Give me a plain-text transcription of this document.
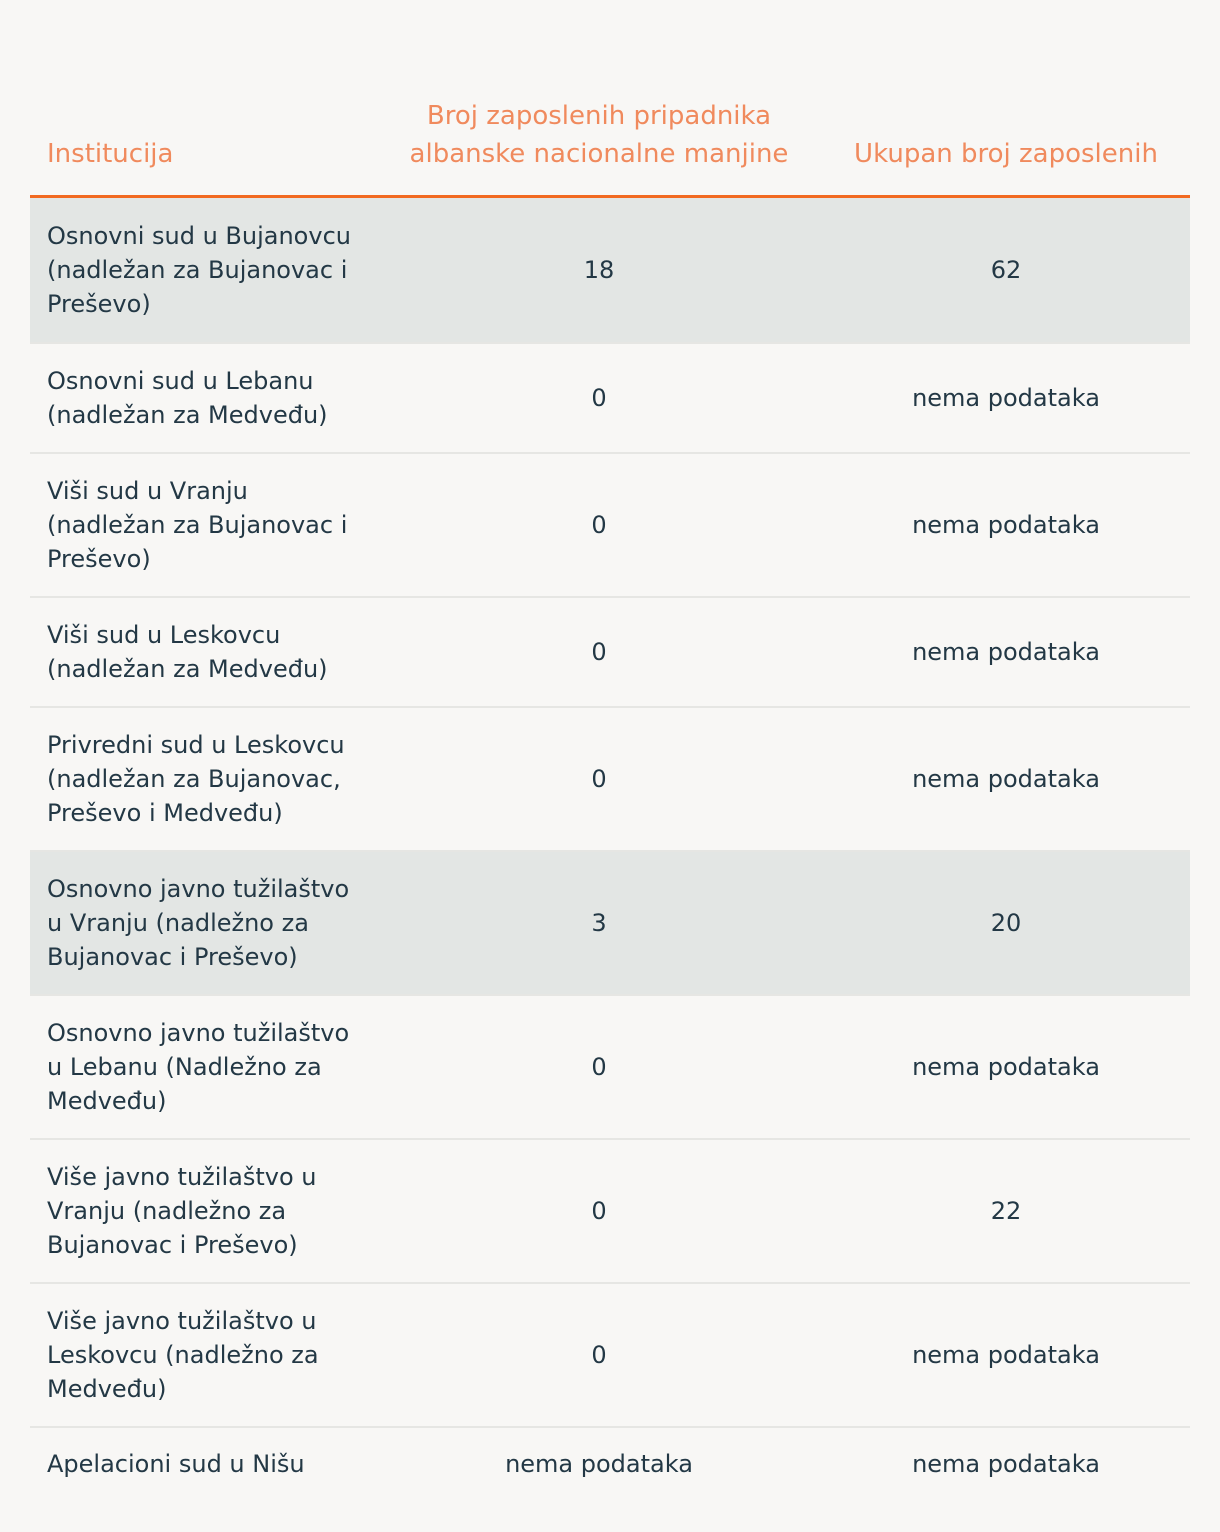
Institucija
Broj zaposlenih pripadnika albanske nacionalne manjine	Ukupan broj zaposlenih
Osnovni sud u Bujanovcu (nadležan za Bujanovac i Preševo)
18	62
Osnovni sud u Lebanu (nadležan za Medveđu)
0	nema podataka
Viši sud u Vranju (nadležan za Bujanovac i Preševo)
0	nema podataka
Viši sud u Leskovcu (nadležan za Medveđu)
0	nema podataka
Privredni sud u Leskovcu (nadležan za Bujanovac, Preševo i Medveđu)
0	nema podataka
Osnovno javno tužilaštvo u Vranju (nadležno za Bujanovac i Preševo)
3	20
Osnovno javno tužilaštvo u Lebanu (Nadležno za Medveđu)
0	nema podataka
Više javno tužilaštvo u Vranju (nadležno za Bujanovac i Preševo)
0	22
Više javno tužilaštvo u Leskovcu (nadležno za Medveđu)
0	nema podataka
Apelacioni sud u Nišu	nema podataka	nema podataka
